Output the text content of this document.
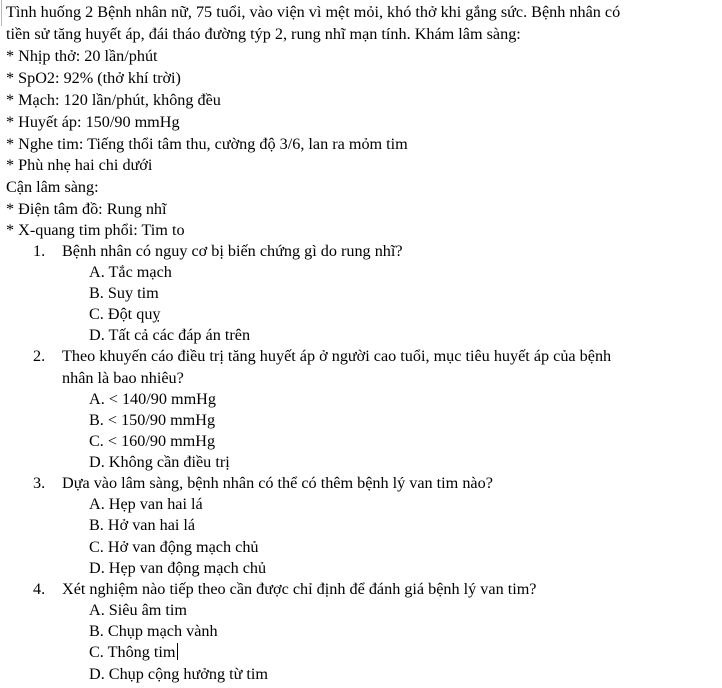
Tình huống 2 Bệnh nhân nữ, 75 tuổi, vào viện vì mệt mỏi, khó thở khi gắng sức. Bệnh nhân có
tiền sử tăng huyết áp, đái tháo đường týp 2, rung nhĩ mạn tính. Khám lâm sàng:
* Nhịp thở: 20 lần/phút
* SpO2: 92% (thở khí trời)
* Mạch: 120 lần/phút, không đều
* Huyết áp: 150/90 mmHg
* Nghe tim: Tiếng thổi tâm thu, cường độ 3/6, lan ra mỏm tim
* Phù nhẹ hai chi dưới
Cận lâm sàng:
* Điện tâm đồ: Rung nhĩ
* X-quang tim phổi: Tim to
1. Bệnh nhân có nguy cơ bị biến chứng gì do rung nhĩ?
A. Tắc mạch
B. Suy tim
C. Đột quỵ
D. Tất cả các đáp án trên
2. Theo khuyến cáo điều trị tăng huyết áp ở người cao tuổi, mục tiêu huyết áp của bệnh
nhân là bao nhiêu?
A. < 140/90 mmHg
B. < 150/90 mmHg
C. < 160/90 mmHg
D. Không cần điều trị
3. Dựa vào lâm sàng, bệnh nhân có thể có thêm bệnh lý van tim nào?
A. Hẹp van hai lá
B. Hở van hai lá
C. Hở van động mạch chủ
D. Hẹp van động mạch chủ
4. Xét nghiệm nào tiếp theo cần được chỉ định để đánh giá bệnh lý van tim?
A. Siêu âm tim
B. Chụp mạch vành
C. Thông tim
D. Chụp cộng hưởng từ tim
